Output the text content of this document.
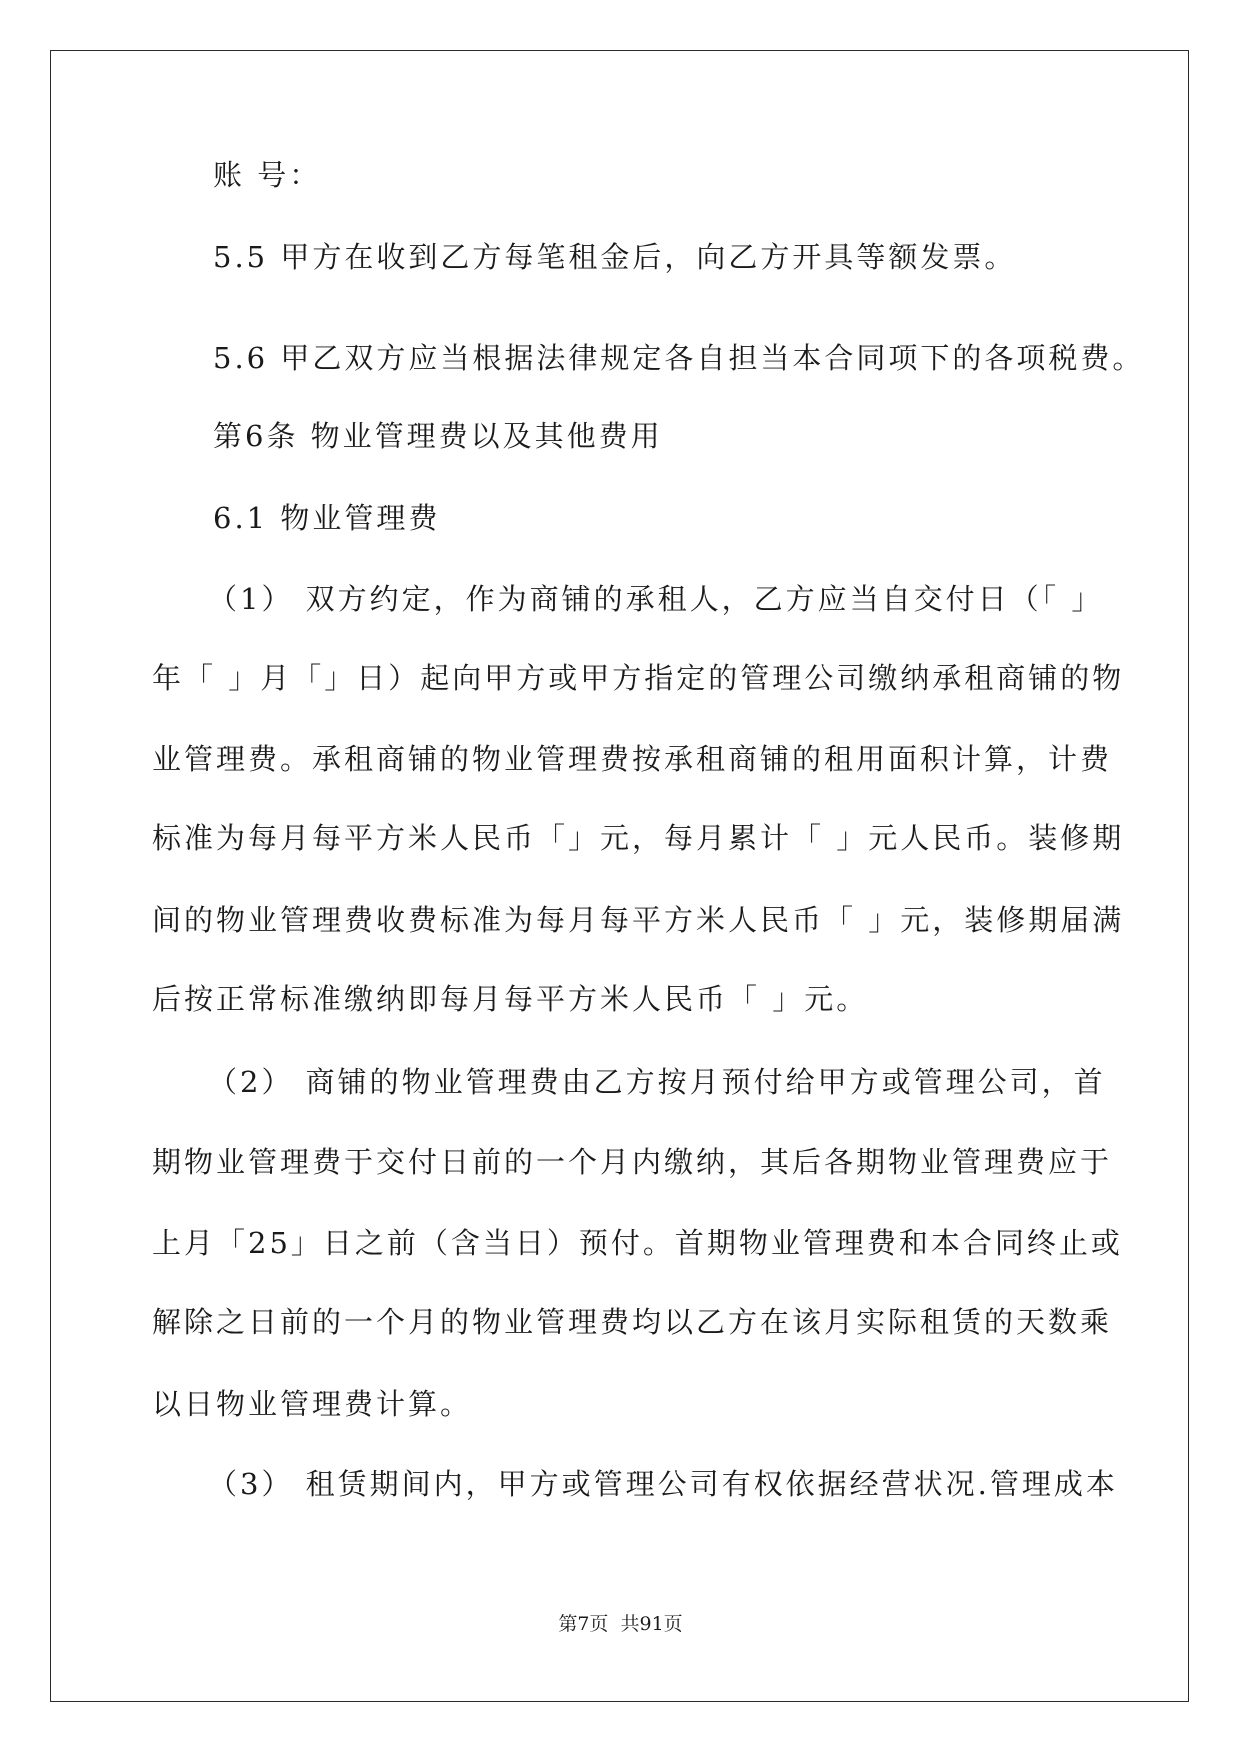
账 号：
5.5 甲方在收到乙方每笔租金后，向乙方开具等额发票。
5.6 甲乙双方应当根据法律规定各自担当本合同项下的各项税费。
第6条 物业管理费以及其他费用
6.1 物业管理费
（1） 双方约定，作为商铺的承租人，乙方应当自交付日（「 」
年「 」月「」日）起向甲方或甲方指定的管理公司缴纳承租商铺的物
业管理费。承租商铺的物业管理费按承租商铺的租用面积计算，计费
标准为每月每平方米人民币「」元，每月累计「 」元人民币。装修期
间的物业管理费收费标准为每月每平方米人民币「 」元，装修期届满
后按正常标准缴纳即每月每平方米人民币「 」元。
（2） 商铺的物业管理费由乙方按月预付给甲方或管理公司，首
期物业管理费于交付日前的一个月内缴纳，其后各期物业管理费应于
上月「25」日之前（含当日）预付。首期物业管理费和本合同终止或
解除之日前的一个月的物业管理费均以乙方在该月实际租赁的天数乘
以日物业管理费计算。
（3） 租赁期间内，甲方或管理公司有权依据经营状况.管理成本
第7页  共91页
